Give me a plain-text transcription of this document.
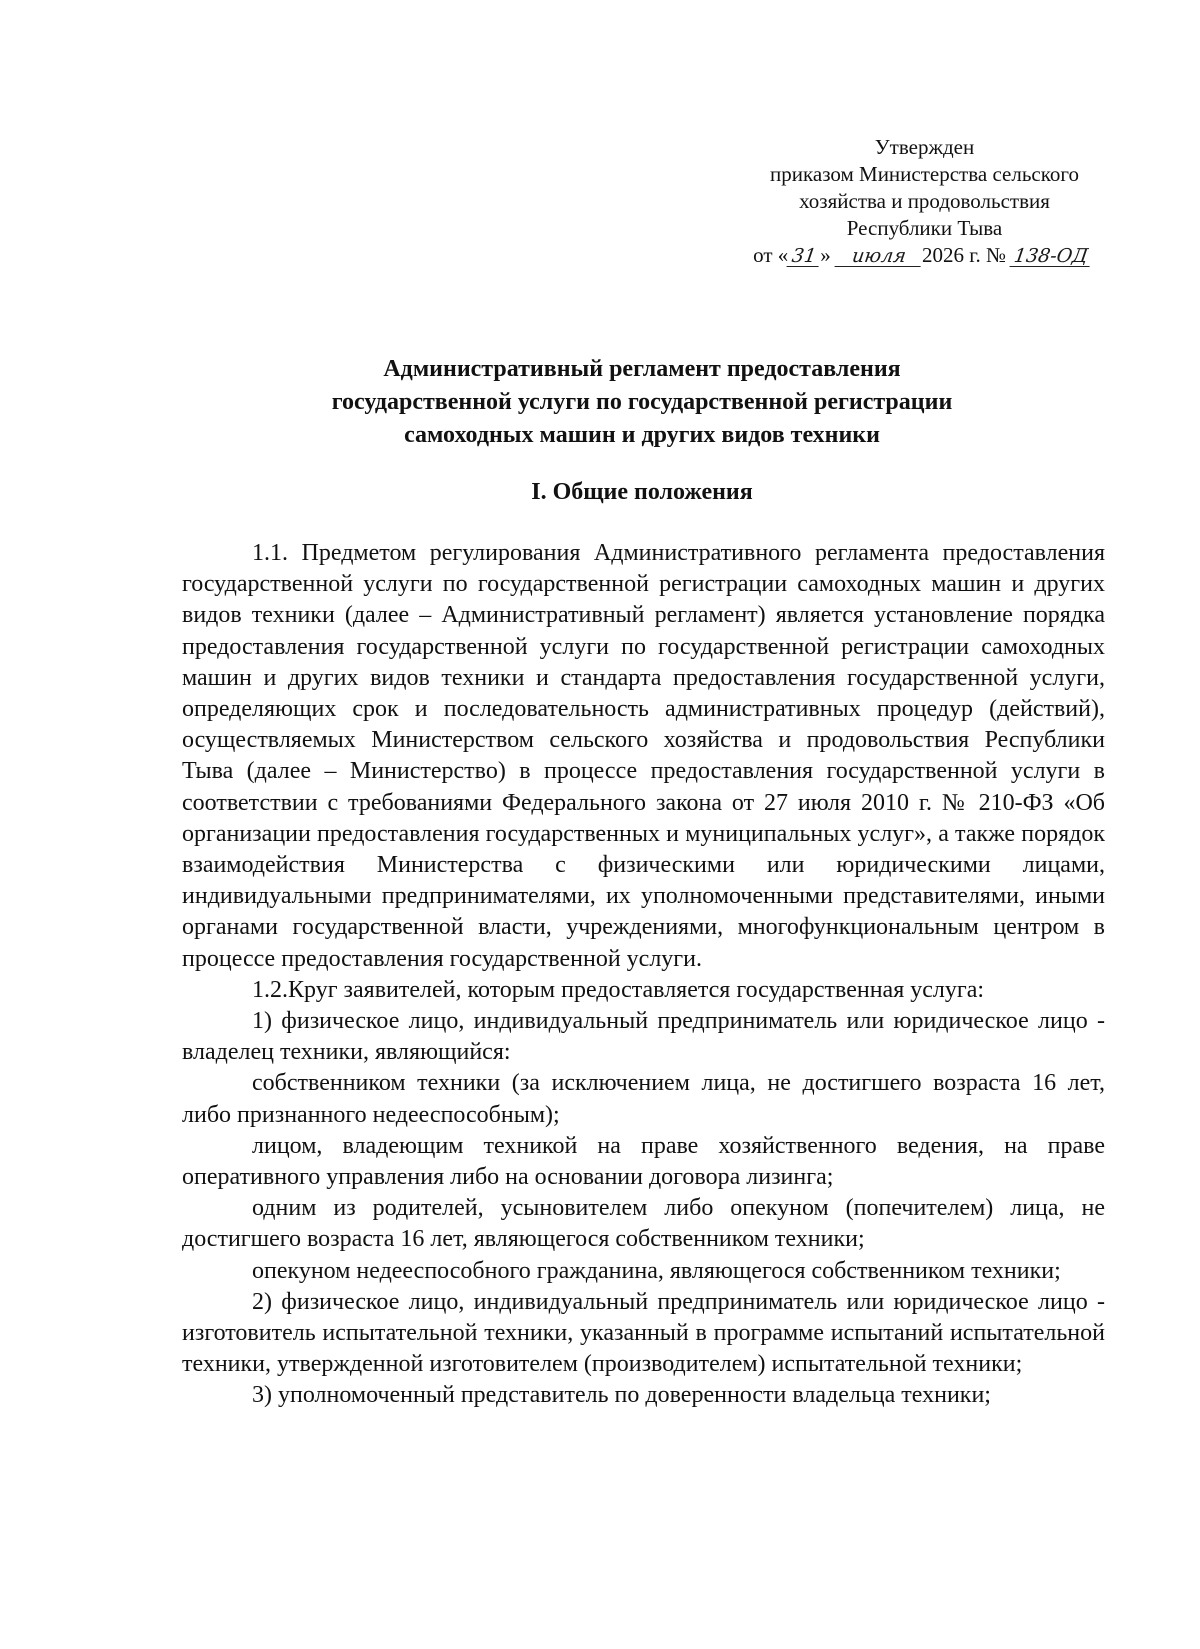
Утвержден
приказом Министерства сельского
хозяйства и продовольствия
Республики Тыва
от « 31 » июля 2026 г. № 138-ОД
Административный регламент предоставления
государственной услуги по государственной регистрации
самоходных машин и других видов техники
I. Общие положения

1.1. Предметом регулирования Административного регламента предоставления государственной услуги по государственной регистрации самоходных машин и других видов техники (далее – Административный регламент) является установление порядка предоставления государственной услуги по государственной регистрации самоходных машин и других видов техники и стандарта предоставления государственной услуги, определяющих срок и последовательность административных процедур (действий), осуществляемых Министерством сельского хозяйства и продовольствия Республики Тыва (далее – Министерство) в процессе предоставления государственной услуги в соответствии с требованиями Федерального закона от 27 июля 2010 г. № 210-ФЗ «Об организации предоставления государственных и муниципальных услуг», а также порядок взаимодействия Министерства с физическими или юридическими лицами, индивидуальными предпринимателями, их уполномоченными представителями, иными органами государственной власти, учреждениями, многофункциональным центром в процессе предоставления государственной услуги.

1.2.Круг заявителей, которым предоставляется государственная услуга:

1) физическое лицо, индивидуальный предприниматель или юридическое лицо - владелец техники, являющийся:

собственником техники (за исключением лица, не достигшего возраста 16 лет, либо признанного недееспособным);

лицом, владеющим техникой на праве хозяйственного ведения, на праве оперативного управления либо на основании договора лизинга;

одним из родителей, усыновителем либо опекуном (попечителем) лица, не достигшего возраста 16 лет, являющегося собственником техники;

опекуном недееспособного гражданина, являющегося собственником техники;

2) физическое лицо, индивидуальный предприниматель или юридическое лицо - изготовитель испытательной техники, указанный в программе испытаний испытательной техники, утвержденной изготовителем (производителем) испытательной техники;

3) уполномоченный представитель по доверенности владельца техники;
